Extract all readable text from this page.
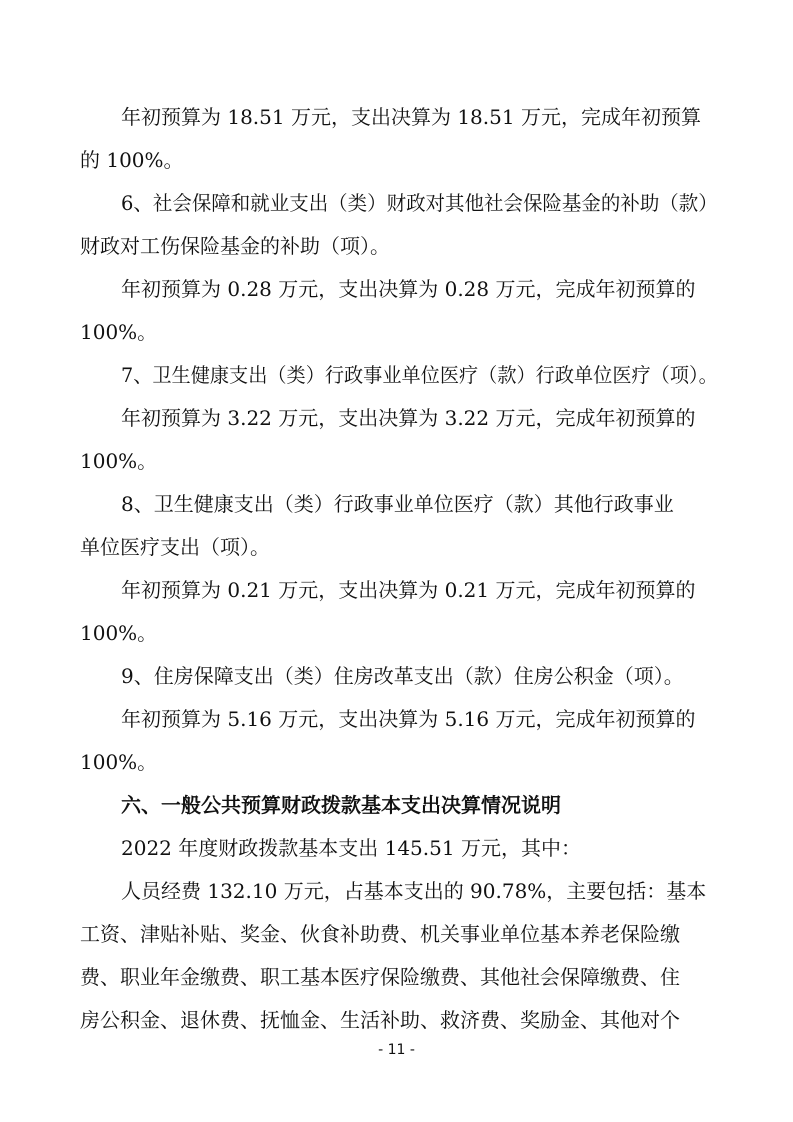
年初预算为 18.51 万元，支出决算为 18.51 万元，完成年初预算
的 100%。
6、社会保障和就业支出（类）财政对其他社会保险基金的补助（款）
财政对工伤保险基金的补助（项）。
年初预算为 0.28 万元，支出决算为 0.28 万元，完成年初预算的
100%。
7、卫生健康支出（类）行政事业单位医疗（款）行政单位医疗（项）。
年初预算为 3.22 万元，支出决算为 3.22 万元，完成年初预算的
100%。
8、卫生健康支出（类）行政事业单位医疗（款）其他行政事业
单位医疗支出（项）。
年初预算为 0.21 万元，支出决算为 0.21 万元，完成年初预算的
100%。
9、住房保障支出（类）住房改革支出（款）住房公积金（项）。
年初预算为 5.16 万元，支出决算为 5.16 万元，完成年初预算的
100%。
六、一般公共预算财政拨款基本支出决算情况说明
2022 年度财政拨款基本支出 145.51 万元，其中：
人员经费 132.10 万元，占基本支出的 90.78%，主要包括：基本
工资、津贴补贴、奖金、伙食补助费、机关事业单位基本养老保险缴
费、职业年金缴费、职工基本医疗保险缴费、其他社会保障缴费、住
房公积金、退休费、抚恤金、生活补助、救济费、奖励金、其他对个
- 11 -
